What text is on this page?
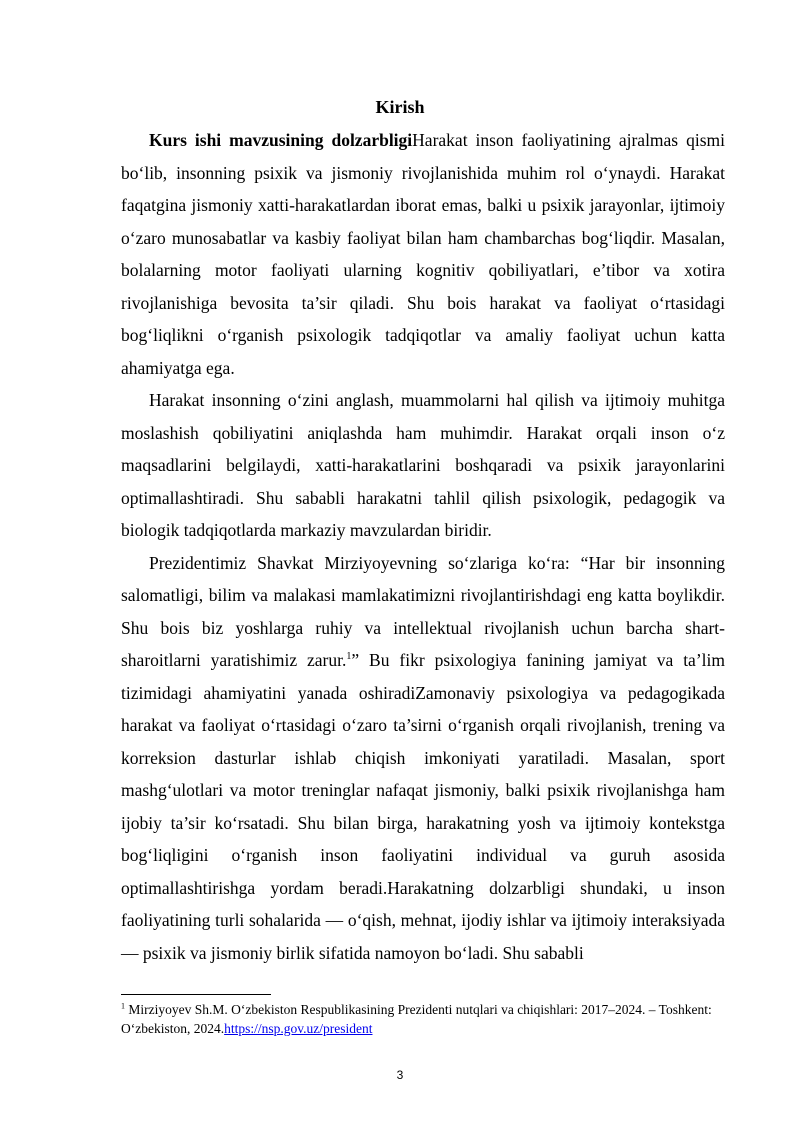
Kirish

Kurs ishi mavzusining dolzarbligiHarakat inson faoliyatining ajralmas qismi bo‘lib, insonning psixik va jismoniy rivojlanishida muhim rol o‘ynaydi. Harakat faqatgina jismoniy xatti-harakatlardan iborat emas, balki u psixik jarayonlar, ijtimoiy o‘zaro munosabatlar va kasbiy faoliyat bilan ham chambarchas bog‘liqdir. Masalan, bolalarning motor faoliyati ularning kognitiv qobiliyatlari, e’tibor va xotira rivojlanishiga bevosita ta’sir qiladi. Shu bois harakat va faoliyat o‘rtasidagi bog‘liqlikni o‘rganish psixologik tadqiqotlar va amaliy faoliyat uchun katta ahamiyatga ega.

Harakat insonning o‘zini anglash, muammolarni hal qilish va ijtimoiy muhitga moslashish qobiliyatini aniqlashda ham muhimdir. Harakat orqali inson o‘z maqsadlarini belgilaydi, xatti-harakatlarini boshqaradi va psixik jarayonlarini optimallashtiradi. Shu sababli harakatni tahlil qilish psixologik, pedagogik va biologik tadqiqotlarda markaziy mavzulardan biridir.

Prezidentimiz Shavkat Mirziyoyevning so‘zlariga ko‘ra: “Har bir insonning salomatligi, bilim va malakasi mamlakatimizni rivojlantirishdagi eng katta boylikdir. Shu bois biz yoshlarga ruhiy va intellektual rivojlanish uchun barcha shart-sharoitlarni yaratishimiz zarur.$^1$” Bu fikr psixologiya fanining jamiyat va ta’lim tizimidagi ahamiyatini yanada oshiradiZamonaviy psixologiya va pedagogikada harakat va faoliyat o‘rtasidagi o‘zaro ta’sirni o‘rganish orqali rivojlanish, trening va korreksion dasturlar ishlab chiqish imkoniyati yaratiladi. Masalan, sport mashg‘ulotlari va motor treninglar nafaqat jismoniy, balki psixik rivojlanishga ham ijobiy ta’sir ko‘rsatadi. Shu bilan birga, harakatning yosh va ijtimoiy kontekstga bog‘liqligini o‘rganish inson faoliyatini individual va guruh asosida optimallashtirishga yordam beradi.Harakatning dolzarbligi shundaki, u inson faoliyatining turli sohalarida — o‘qish, mehnat, ijodiy ishlar va ijtimoiy interaksiyada — psixik va jismoniy birlik sifatida namoyon bo‘ladi. Shu sababli

$^1$ Mirziyoyev Sh.M. O‘zbekiston Respublikasining Prezidenti nutqlari va chiqishlari: 2017–2024. – Toshkent: O‘zbekiston, 2024.https://nsp.gov.uz/president
3
